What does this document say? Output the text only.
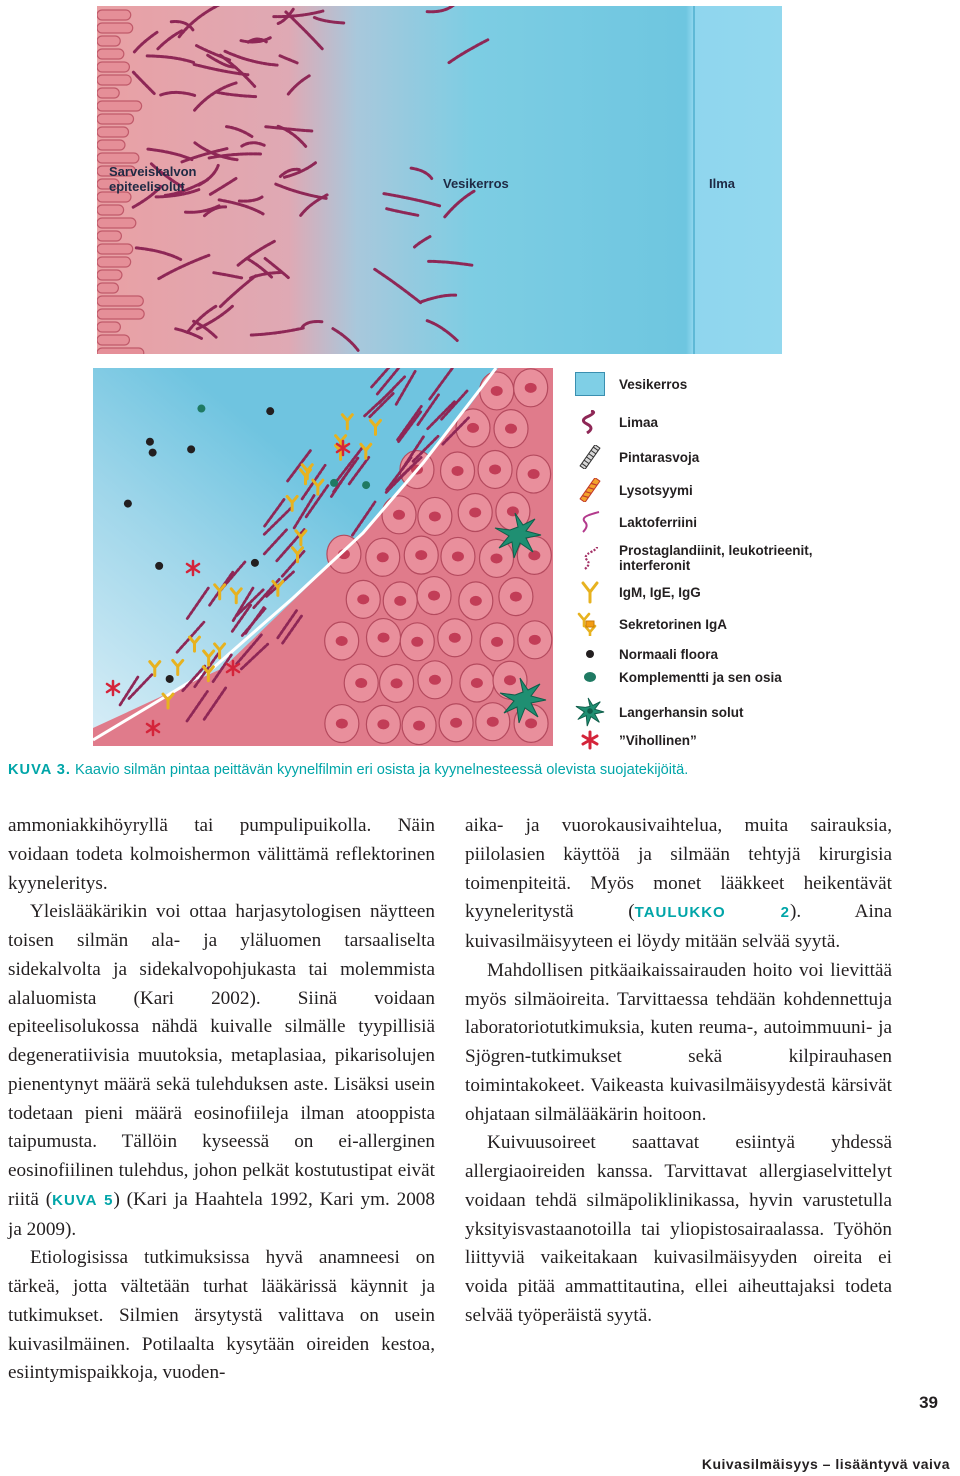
Sarveiskalvon
epiteelisolut	Vesikerros	Ilma
Vesikerros
Limaa
Pintarasvoja
Lysotsyymi
Laktoferriini
Prostaglandiinit, leukotrieenit,
interferonit
IgM, IgE, IgG
Sekretorinen IgA
Normaali floora
Komplementti ja sen osia
Langerhansin solut
”Vihollinen”
KUVA 3. Kaavio silmän pintaa peittävän kyynelfilmin eri osista ja kyynelnesteessä olevista suojatekijöitä.

ammoniakkihöyryllä tai pumpulipuikolla. Näin voidaan todeta kolmoishermon välittämä reflektorinen kyyneleritys.

Yleislääkärikin voi ottaa harjasytologisen näytteen toisen silmän ala- ja yläluomen tarsaaliselta sidekalvolta ja sidekalvopohjukasta tai molemmista alaluomista (Kari 2002). Siinä voidaan epiteelisolukossa nähdä kuivalle silmälle tyypillisiä degeneratiivisia muutoksia, metaplasiaa, pikarisolujen pienentynyt määrä sekä tulehduksen aste. Lisäksi usein todetaan pieni määrä eosinofiileja ilman atooppista taipumusta. Tällöin kyseessä on ei-allerginen eosinofiilinen tulehdus, johon pelkät kostutustipat eivät riitä (KUVA 5) (Kari ja Haahtela 1992, Kari ym. 2008 ja 2009).

Etiologisissa tutkimuksissa hyvä anamneesi on tärkeä, jotta vältetään turhat lääkärissä käynnit ja tutkimukset. Silmien ärsytystä valittava on usein kuivasilmäinen. Potilaalta kysytään oireiden kestoa, esiintymispaikkoja, vuoden-

aika- ja vuorokausivaihtelua, muita sairauksia, piilolasien käyttöä ja silmään tehtyjä kirurgisia toimenpiteitä. Myös monet lääkkeet heikentävät kyyneleritystä (TAULUKKO 2). Aina kuivasilmäisyyteen ei löydy mitään selvää syytä.

Mahdollisen pitkäaikaissairauden hoito voi lievittää myös silmäoireita. Tarvittaessa tehdään kohdennettuja laboratoriotutkimuksia, kuten reuma-, autoimmuuni- ja Sjögren-tutkimukset sekä kilpirauhasen toimintakokeet. Vaikeasta kuivasilmäisyydestä kärsivät ohjataan silmälääkärin hoitoon.

Kuivuusoireet saattavat esiintyä yhdessä allergiaoireiden kanssa. Tarvittavat allergiaselvittelyt voidaan tehdä silmäpoliklinikassa, hyvin varustetulla yksityisvastaanotoilla tai yliopistosairaalassa. Työhön liittyviä vaikeitakaan kuivasilmäisyyden oireita ei voida pitää ammattitautina, ellei aiheuttajaksi todeta selvää työperäistä syytä.

39
Kuivasilmäisyys – lisääntyvä vaiva
